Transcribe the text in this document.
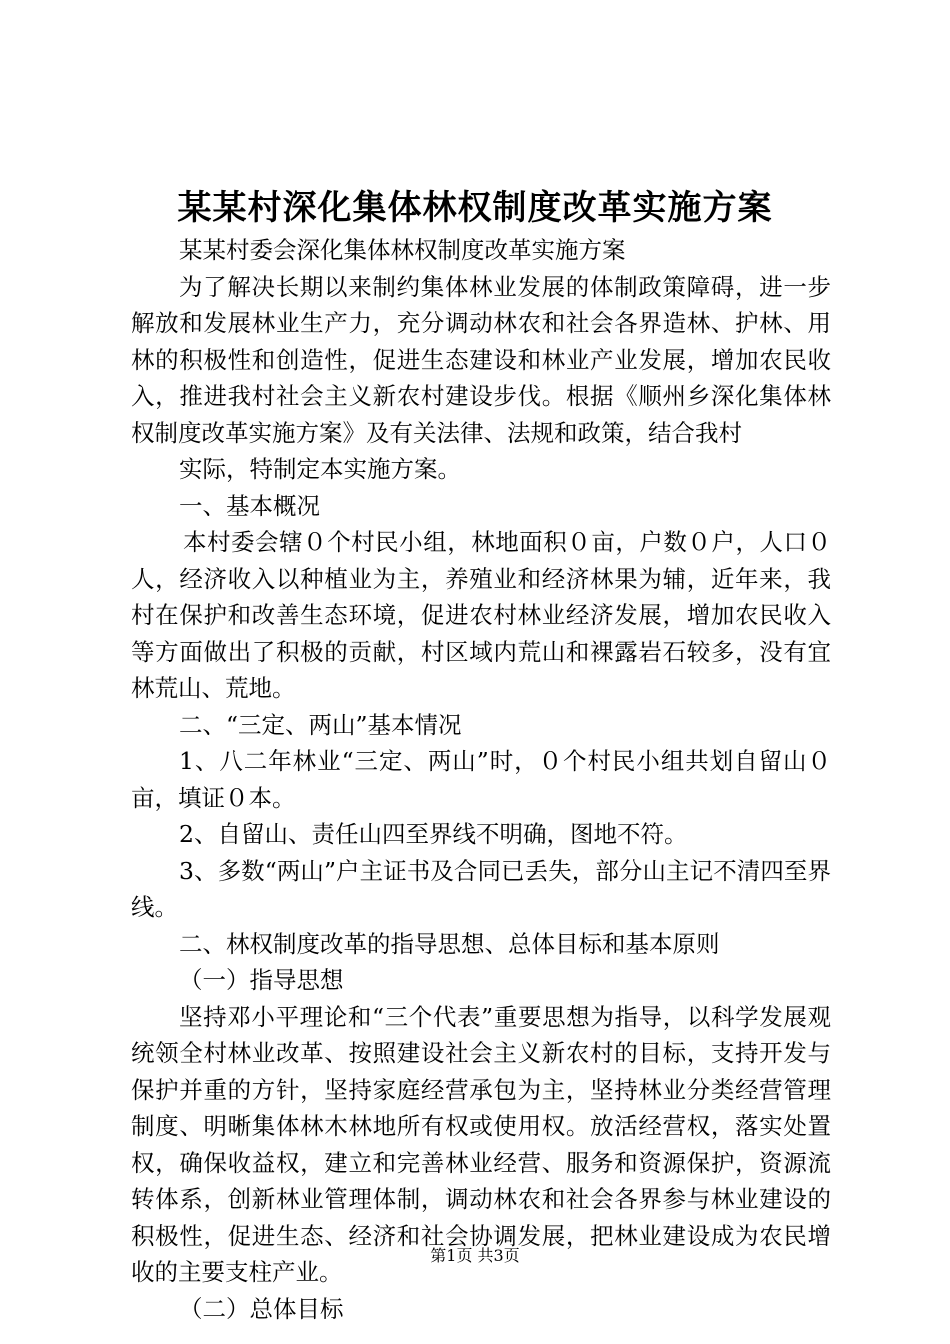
某某村深化集体林权制度改革实施方案

某某村委会深化集体林权制度改革实施方案

为了解决长期以来制约集体林业发展的体制政策障碍，进一步解放和发展林业生产力，充分调动林农和社会各界造林、护林、用林的积极性和创造性，促进生态建设和林业产业发展，增加农民收入，推进我村社会主义新农村建设步伐。根据《顺州乡深化集体林权制度改革实施方案》及有关法律、法规和政策，结合我村

实际，特制定本实施方案。

一、基本概况

本村委会辖０个村民小组，林地面积０亩，户数０户，人口０人，经济收入以种植业为主，养殖业和经济林果为辅，近年来，我村在保护和改善生态环境，促进农村林业经济发展，增加农民收入等方面做出了积极的贡献，村区域内荒山和裸露岩石较多，没有宜林荒山、荒地。

二、“三定、两山”基本情况

1、八二年林业“三定、两山”时，０个村民小组共划自留山０亩，填证０本。

2、自留山、责任山四至界线不明确，图地不符。

3、多数“两山”户主证书及合同已丢失，部分山主记不清四至界线。

二、林权制度改革的指导思想、总体目标和基本原则

（一）指导思想

坚持邓小平理论和“三个代表”重要思想为指导，以科学发展观统领全村林业改革、按照建设社会主义新农村的目标，支持开发与保护并重的方针，坚持家庭经营承包为主，坚持林业分类经营管理制度、明晰集体林木林地所有权或使用权。放活经营权，落实处置权，确保收益权，建立和完善林业经营、服务和资源保护，资源流转体系，创新林业管理体制，调动林农和社会各界参与林业建设的积极性，促进生态、经济和社会协调发展，把林业建设成为农民增收的主要支柱产业。

（二）总体目标

第1页 共3页
